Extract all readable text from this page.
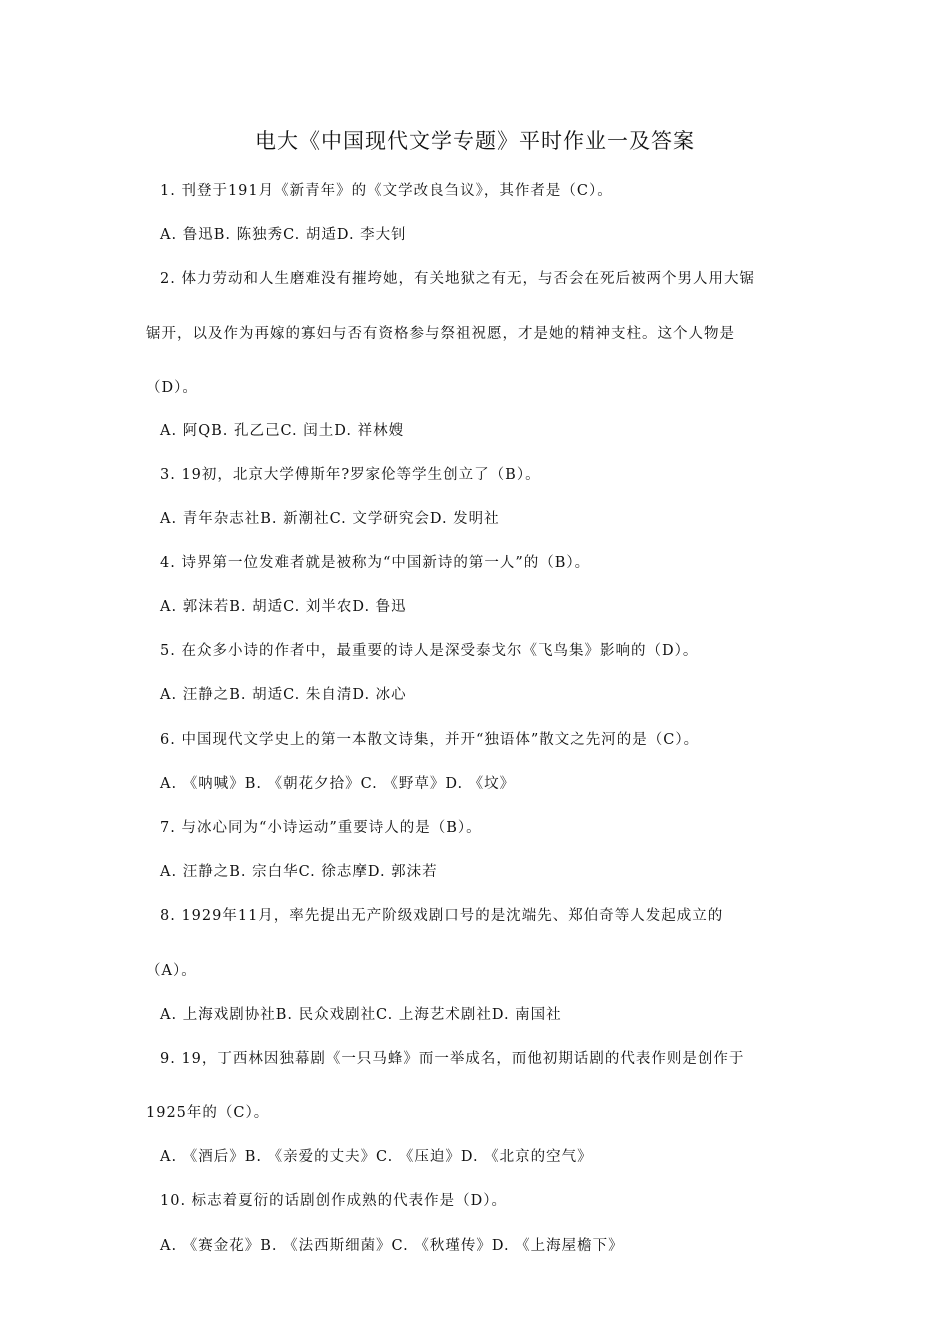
电大《中国现代文学专题》平时作业一及答案
1. 刊登于191月《新青年》的《文学改良刍议》，其作者是（C）。
A. 鲁迅B. 陈独秀C. 胡适D. 李大钊
2. 体力劳动和人生磨难没有摧垮她，有关地狱之有无，与否会在死后被两个男人用大锯
锯开，以及作为再嫁的寡妇与否有资格参与祭祖祝愿，才是她的精神支柱。这个人物是
（D）。
A. 阿QB. 孔乙己C. 闰土D. 祥林嫂
3. 19初，北京大学傅斯年?罗家伦等学生创立了（B）。
A. 青年杂志社B. 新潮社C. 文学研究会D. 发明社
4. 诗界第一位发难者就是被称为“中国新诗的第一人”的（B）。
A. 郭沫若B. 胡适C. 刘半农D. 鲁迅
5. 在众多小诗的作者中，最重要的诗人是深受泰戈尔《飞鸟集》影响的（D）。
A. 汪静之B. 胡适C. 朱自清D. 冰心
6. 中国现代文学史上的第一本散文诗集，并开“独语体”散文之先河的是（C）。
A. 《呐喊》B. 《朝花夕拾》C. 《野草》D. 《坟》
7. 与冰心同为“小诗运动”重要诗人的是（B）。
A. 汪静之B. 宗白华C. 徐志摩D. 郭沫若
8. 1929年11月，率先提出无产阶级戏剧口号的是沈端先、郑伯奇等人发起成立的
（A）。
A. 上海戏剧协社B. 民众戏剧社C. 上海艺术剧社D. 南国社
9. 19，丁西林因独幕剧《一只马蜂》而一举成名，而他初期话剧的代表作则是创作于
1925年的（C）。
A. 《酒后》B. 《亲爱的丈夫》C. 《压迫》D. 《北京的空气》
10. 标志着夏衍的话剧创作成熟的代表作是（D）。
A. 《赛金花》B. 《法西斯细菌》C. 《秋瑾传》D. 《上海屋檐下》
